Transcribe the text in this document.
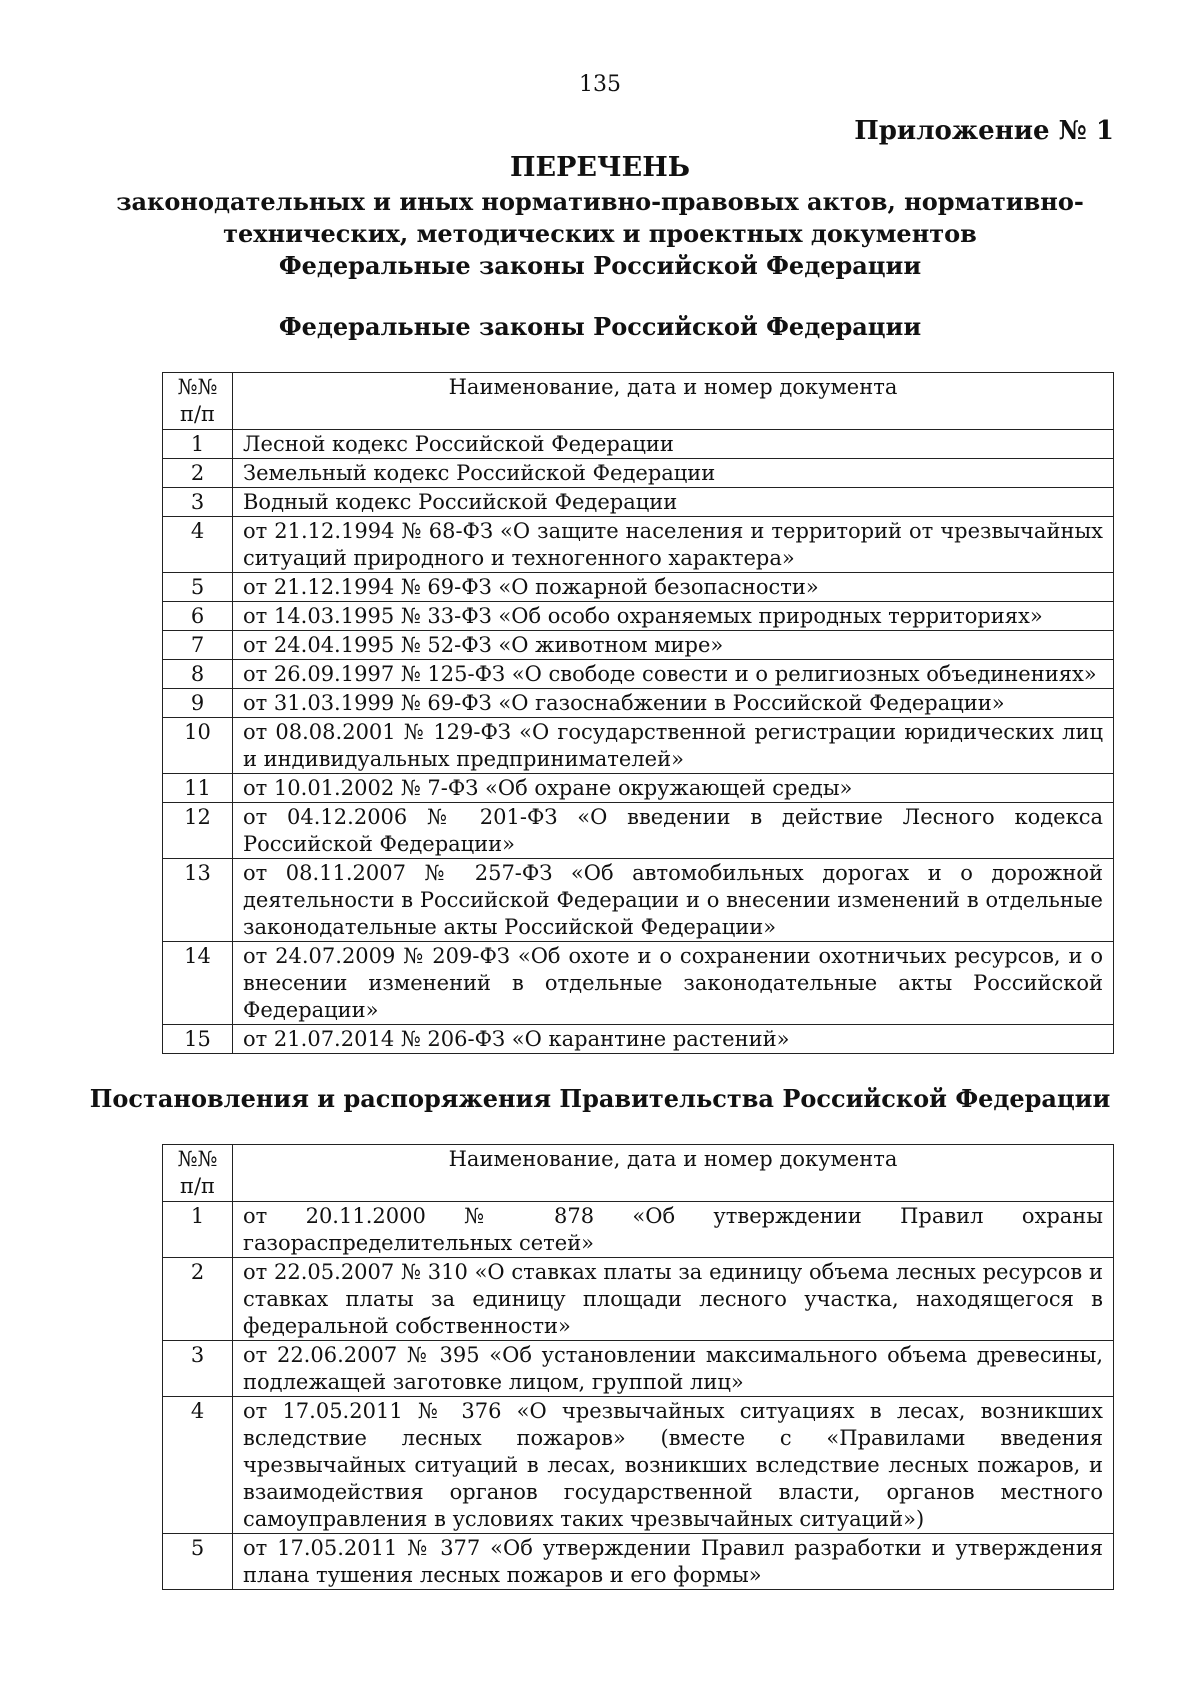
135
Приложение № 1
ПЕРЕЧЕНЬ
законодательных и иных нормативно-правовых актов, нормативно-
технических, методических и проектных документов
Федеральные законы Российской Федерации
Федеральные законы Российской Федерации
№№ п/п	Наименование, дата и номер документа
1	Лесной кодекс Российской Федерации
2	Земельный кодекс Российской Федерации
3	Водный кодекс Российской Федерации
4	от 21.12.1994 № 68-ФЗ «О защите населения и территорий от чрезвычайных ситуаций природного и техногенного характера»
5	от 21.12.1994 № 69-ФЗ «О пожарной безопасности»
6	от 14.03.1995 № 33-ФЗ «Об особо охраняемых природных территориях»
7	от 24.04.1995 № 52-ФЗ «О животном мире»
8	от 26.09.1997 № 125-ФЗ «О свободе совести и о религиозных объединениях»
9	от 31.03.1999 № 69-ФЗ «О газоснабжении в Российской Федерации»
10	от 08.08.2001 № 129-ФЗ «О государственной регистрации юридических лиц и индивидуальных предпринимателей»
11	от 10.01.2002 № 7-ФЗ «Об охране окружающей среды»
12	от 04.12.2006 № 201-ФЗ «О введении в действие Лесного кодекса Российской Федерации»
13	от 08.11.2007 № 257-ФЗ «Об автомобильных дорогах и о дорожной деятельности в Российской Федерации и о внесении изменений в отдельные законодательные акты Российской Федерации»
14	от 24.07.2009 № 209-ФЗ «Об охоте и о сохранении охотничьих ресурсов, и о внесении изменений в отдельные законодательные акты Российской Федерации»
15	от 21.07.2014 № 206-ФЗ «О карантине растений»
Постановления и распоряжения Правительства Российской Федерации
№№ п/п	Наименование, дата и номер документа
1	от 20.11.2000 № 878 «Об утверждении Правил охраны газораспределительных сетей»
2	от 22.05.2007 № 310 «О ставках платы за единицу объема лесных ресурсов и ставках платы за единицу площади лесного участка, находящегося в федеральной собственности»
3	от 22.06.2007 № 395 «Об установлении максимального объема древесины, подлежащей заготовке лицом, группой лиц»
4	от 17.05.2011 № 376 «О чрезвычайных ситуациях в лесах, возникших вследствие лесных пожаров» (вместе с «Правилами введения чрезвычайных ситуаций в лесах, возникших вследствие лесных пожаров, и взаимодействия органов государственной власти, органов местного самоуправления в условиях таких чрезвычайных ситуаций»)
5	от 17.05.2011 № 377 «Об утверждении Правил разработки и утверждения плана тушения лесных пожаров и его формы»
